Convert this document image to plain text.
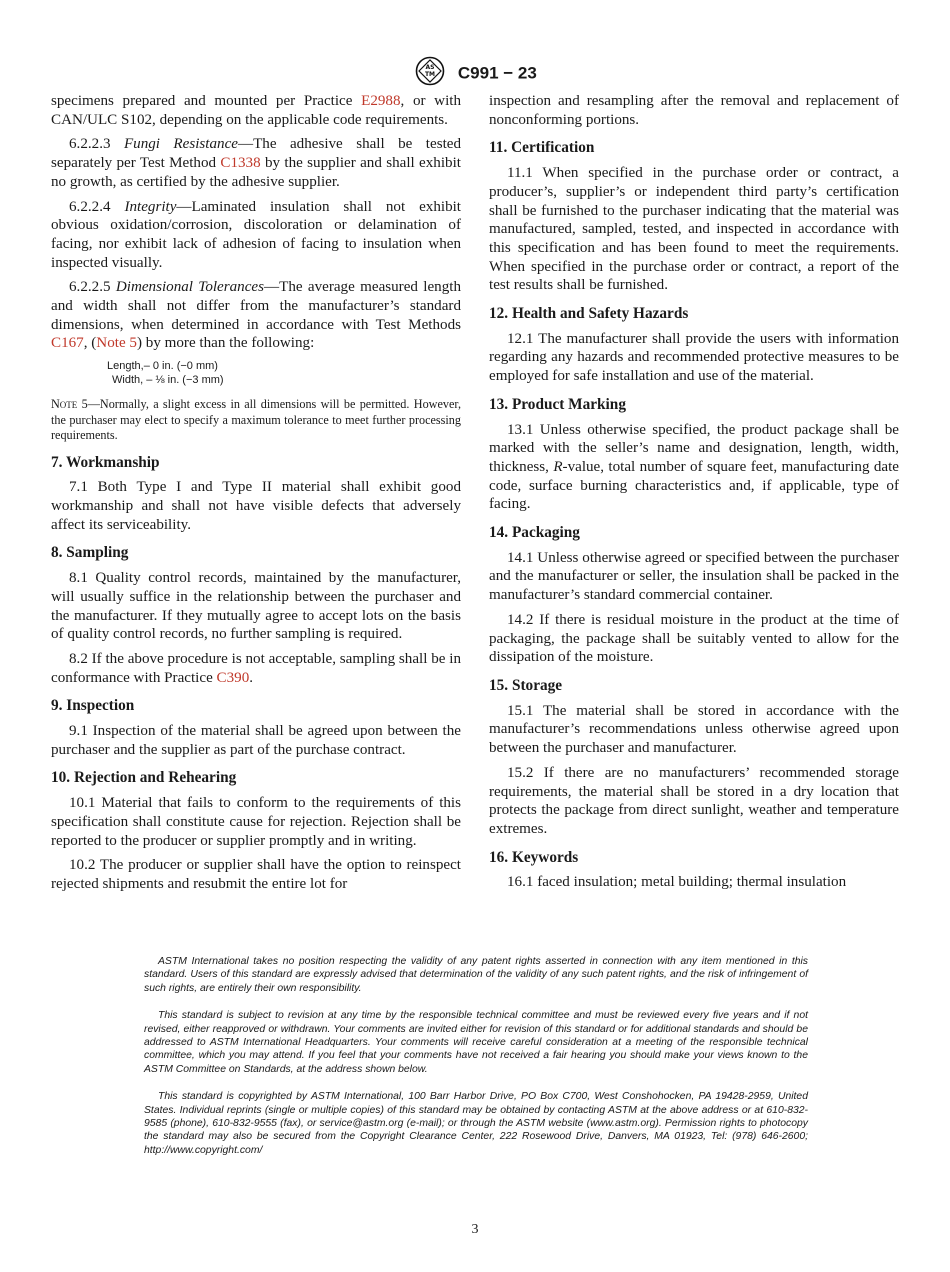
AS
TM C991 − 23

specimens prepared and mounted per Practice E2988, or with CAN/ULC S102, depending on the applicable code requirements.

6.2.2.3 Fungi Resistance—The adhesive shall be tested separately per Test Method C1338 by the supplier and shall exhibit no growth, as certified by the adhesive supplier.

6.2.2.4 Integrity—Laminated insulation shall not exhibit obvious oxidation/corrosion, discoloration or delamination of facing, nor exhibit lack of adhesion of facing to insulation when inspected visually.

6.2.2.5 Dimensional Tolerances—The average measured length and width shall not differ from the manufacturer’s standard dimensions, when determined in accordance with Test Methods C167, (Note 5) by more than the following:

Length,– 0 in. (−0 mm)
Width, – ⅛ in. (−3 mm)
Note 5—Normally, a slight excess in all dimensions will be permitted. However, the purchaser may elect to specify a maximum tolerance to meet further processing requirements.
7. Workmanship

7.1 Both Type I and Type II material shall exhibit good workmanship and shall not have visible defects that adversely affect its serviceability.

8. Sampling

8.1 Quality control records, maintained by the manufacturer, will usually suffice in the relationship between the purchaser and the manufacturer. If they mutually agree to accept lots on the basis of quality control records, no further sampling is required.

8.2 If the above procedure is not acceptable, sampling shall be in conformance with Practice C390.

9. Inspection

9.1 Inspection of the material shall be agreed upon between the purchaser and the supplier as part of the purchase contract.

10. Rejection and Rehearing

10.1 Material that fails to conform to the requirements of this specification shall constitute cause for rejection. Rejection shall be reported to the producer or supplier promptly and in writing.

10.2 The producer or supplier shall have the option to reinspect rejected shipments and resubmit the entire lot for

inspection and resampling after the removal and replacement of nonconforming portions.

11. Certification

11.1 When specified in the purchase order or contract, a producer’s, supplier’s or independent third party’s certification shall be furnished to the purchaser indicating that the material was manufactured, sampled, tested, and inspected in accordance with this specification and has been found to meet the requirements. When specified in the purchase order or contract, a report of the test results shall be furnished.

12. Health and Safety Hazards

12.1 The manufacturer shall provide the users with information regarding any hazards and recommended protective measures to be employed for safe installation and use of the material.

13. Product Marking

13.1 Unless otherwise specified, the product package shall be marked with the seller’s name and designation, length, width, thickness, R-value, total number of square feet, manufacturing date code, surface burning characteristics and, if applicable, type of facing.

14. Packaging

14.1 Unless otherwise agreed or specified between the purchaser and the manufacturer or seller, the insulation shall be packed in the manufacturer’s standard commercial container.

14.2 If there is residual moisture in the product at the time of packaging, the package shall be suitably vented to allow for the dissipation of the moisture.

15. Storage

15.1 The material shall be stored in accordance with the manufacturer’s recommendations unless otherwise agreed upon between the purchaser and manufacturer.

15.2 If there are no manufacturers’ recommended storage requirements, the material shall be stored in a dry location that protects the package from direct sunlight, weather and temperature extremes.

16. Keywords

16.1 faced insulation; metal building; thermal insulation

ASTM International takes no position respecting the validity of any patent rights asserted in connection with any item mentioned in this standard. Users of this standard are expressly advised that determination of the validity of any such patent rights, and the risk of infringement of such rights, are entirely their own responsibility.

This standard is subject to revision at any time by the responsible technical committee and must be reviewed every five years and if not revised, either reapproved or withdrawn. Your comments are invited either for revision of this standard or for additional standards and should be addressed to ASTM International Headquarters. Your comments will receive careful consideration at a meeting of the responsible technical committee, which you may attend. If you feel that your comments have not received a fair hearing you should make your views known to the ASTM Committee on Standards, at the address shown below.

This standard is copyrighted by ASTM International, 100 Barr Harbor Drive, PO Box C700, West Conshohocken, PA 19428-2959, United States. Individual reprints (single or multiple copies) of this standard may be obtained by contacting ASTM at the above address or at 610-832-9585 (phone), 610-832-9555 (fax), or service@astm.org (e-mail); or through the ASTM website (www.astm.org). Permission rights to photocopy the standard may also be secured from the Copyright Clearance Center, 222 Rosewood Drive, Danvers, MA 01923, Tel: (978) 646-2600; http://www.copyright.com/

3
